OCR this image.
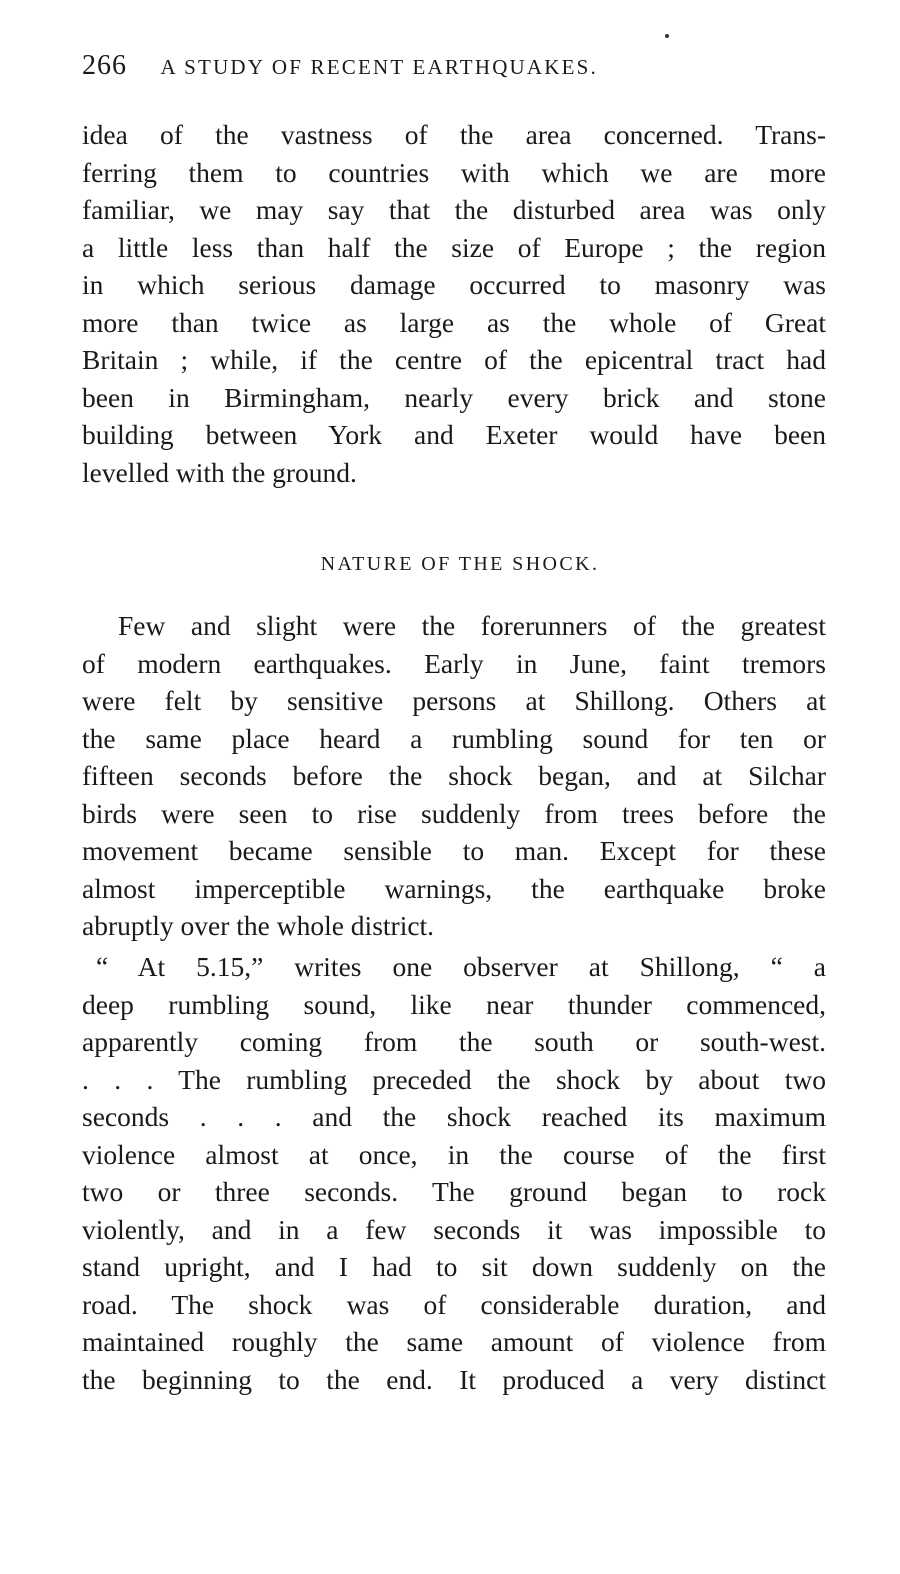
266 A STUDY OF RECENT EARTHQUAKES.
idea of the vastness of the area concerned. Trans-
ferring them to countries with which we are more
familiar, we may say that the disturbed area was only
a little less than half the size of Europe ; the region
in which serious damage occurred to masonry was
more than twice as large as the whole of Great
Britain ; while, if the centre of the epicentral tract had
been in Birmingham, nearly every brick and stone
building between York and Exeter would have been
levelled with the ground.
NATURE OF THE SHOCK.
Few and slight were the forerunners of the greatest
of modern earthquakes. Early in June, faint tremors
were felt by sensitive persons at Shillong. Others at
the same place heard a rumbling sound for ten or
fifteen seconds before the shock began, and at Silchar
birds were seen to rise suddenly from trees before the
movement became sensible to man. Except for these
almost imperceptible warnings, the earthquake broke
abruptly over the whole district.
“ At 5.15,” writes one observer at Shillong, “ a
deep rumbling sound, like near thunder commenced,
apparently coming from the south or south-west.
. . . The rumbling preceded the shock by about two
seconds . . . and the shock reached its maximum
violence almost at once, in the course of the first
two or three seconds. The ground began to rock
violently, and in a few seconds it was impossible to
stand upright, and I had to sit down suddenly on the
road. The shock was of considerable duration, and
maintained roughly the same amount of violence from
the beginning to the end. It produced a very distinct
